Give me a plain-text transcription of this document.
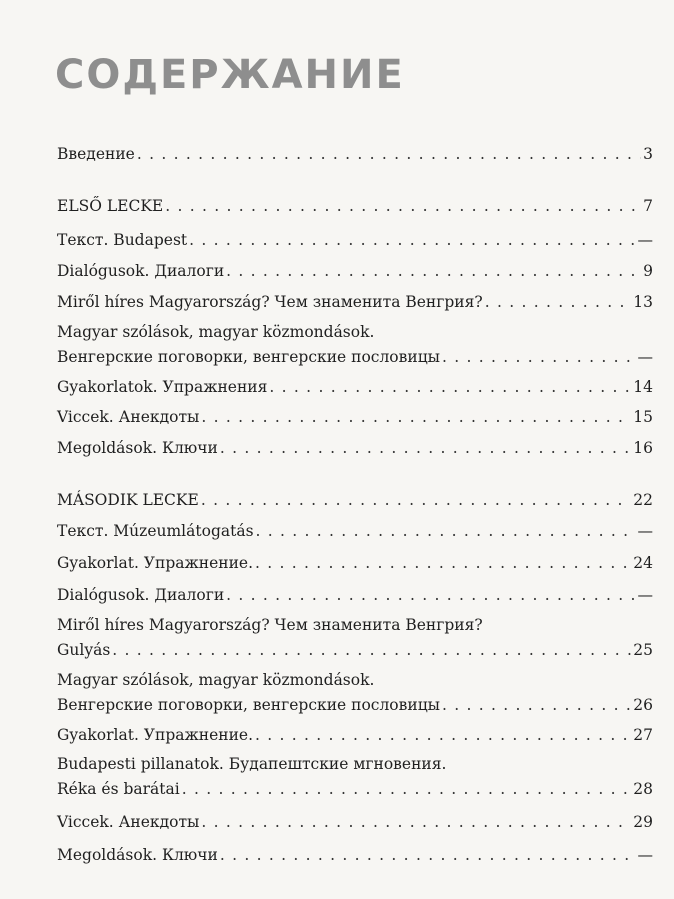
СОДЕРЖАНИЕ
Введение . . .	3
ELSŐ LECKE . . .	7
Текст. Budapest . . .	—
Dialógusok. Диалоги . . .	9
Miről híres Magyarország? Чем знаменита Венгрия? . . .	13
Magyar szólások, magyar közmondások.
Венгерские поговорки, венгерские пословицы . . .	—
Gyakorlatok. Упражнения . . .	14
Viccek. Анекдоты . . .	15
Megoldások. Ключи . . .	16
MÁSODIK LECKE . . .	22
Текст. Múzeumlátogatás . . .	—
Gyakorlat. Упражнение. . . .	24
Dialógusok. Диалоги . . .	—
Miről híres Magyarország? Чем знаменита Венгрия?
Gulyás . . .	25
Magyar szólások, magyar közmondások.
Венгерские поговорки, венгерские пословицы . . .	26
Gyakorlat. Упражнение. . . .	27
Budapesti pillanatok. Будапештские мгновения.
Réka és barátai . . .	28
Viccek. Анекдоты . . .	29
Megoldások. Ключи . . .	—
